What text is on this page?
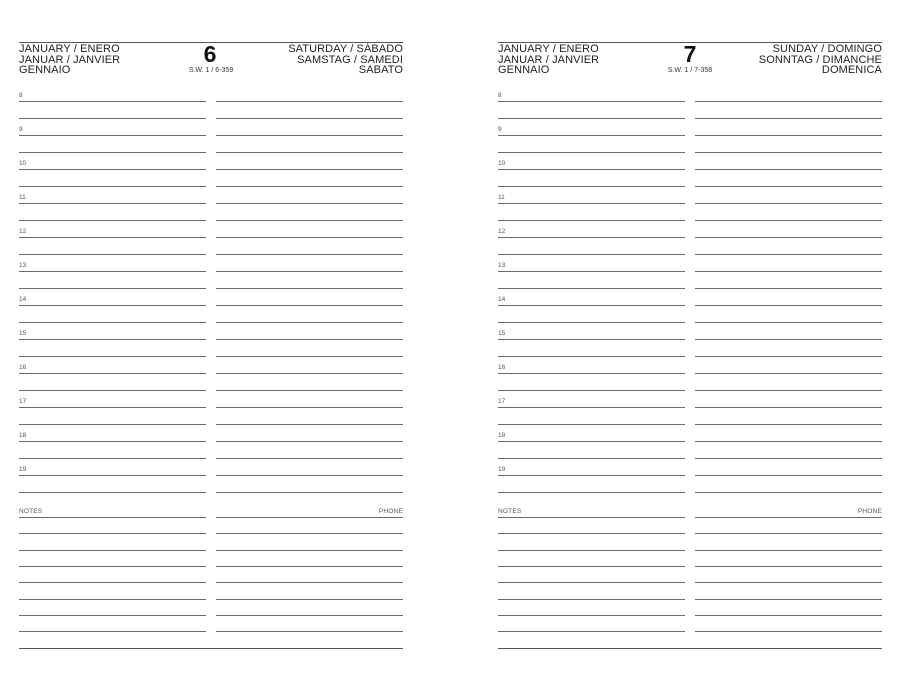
JANUARY / ENERO
JANUAR / JANVIER
GENNAIO
6
S.W. 1 / 6-359
SATURDAY / SÁBADO
SAMSTAG / SAMEDI
SABATO
8
9
10
11
12
13
14
15
16
17
18
19
NOTES	PHONE
JANUARY / ENERO
JANUAR / JANVIER
GENNAIO
7
S.W. 1 / 7-358
SUNDAY / DOMINGO
SONNTAG / DIMANCHE
DOMENICA
8
9
10
11
12
13
14
15
16
17
18
19
NOTES	PHONE
